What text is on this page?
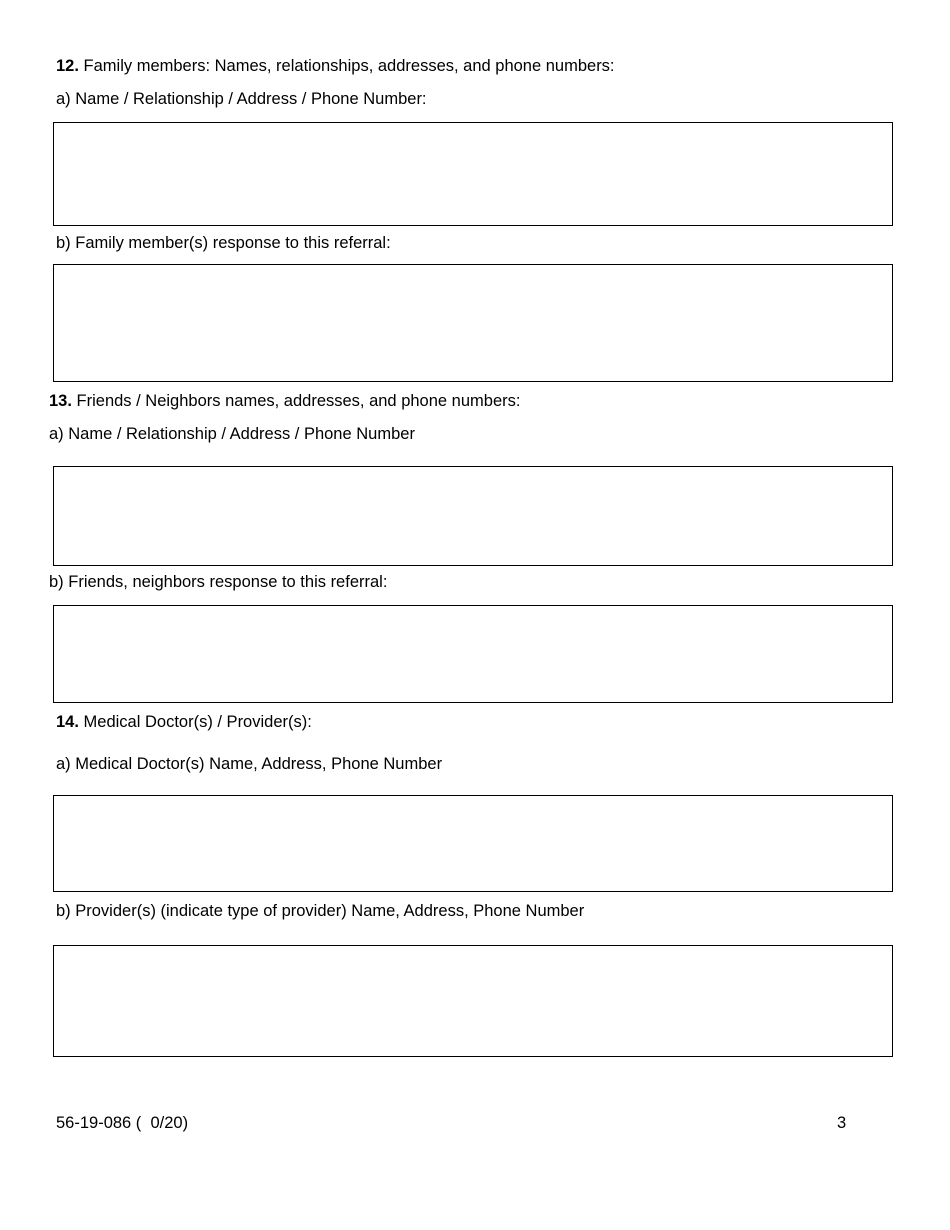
12. Family members: Names, relationships, addresses, and phone numbers:
a) Name / Relationship / Address / Phone Number:
b) Family member(s) response to this referral:
13. Friends / Neighbors names, addresses, and phone numbers:
a) Name / Relationship / Address / Phone Number
b) Friends, neighbors response to this referral:
14. Medical Doctor(s) / Provider(s):
a) Medical Doctor(s) Name, Address, Phone Number
b) Provider(s) (indicate type of provider) Name, Address, Phone Number
56-19-086 (  0/20)	3
